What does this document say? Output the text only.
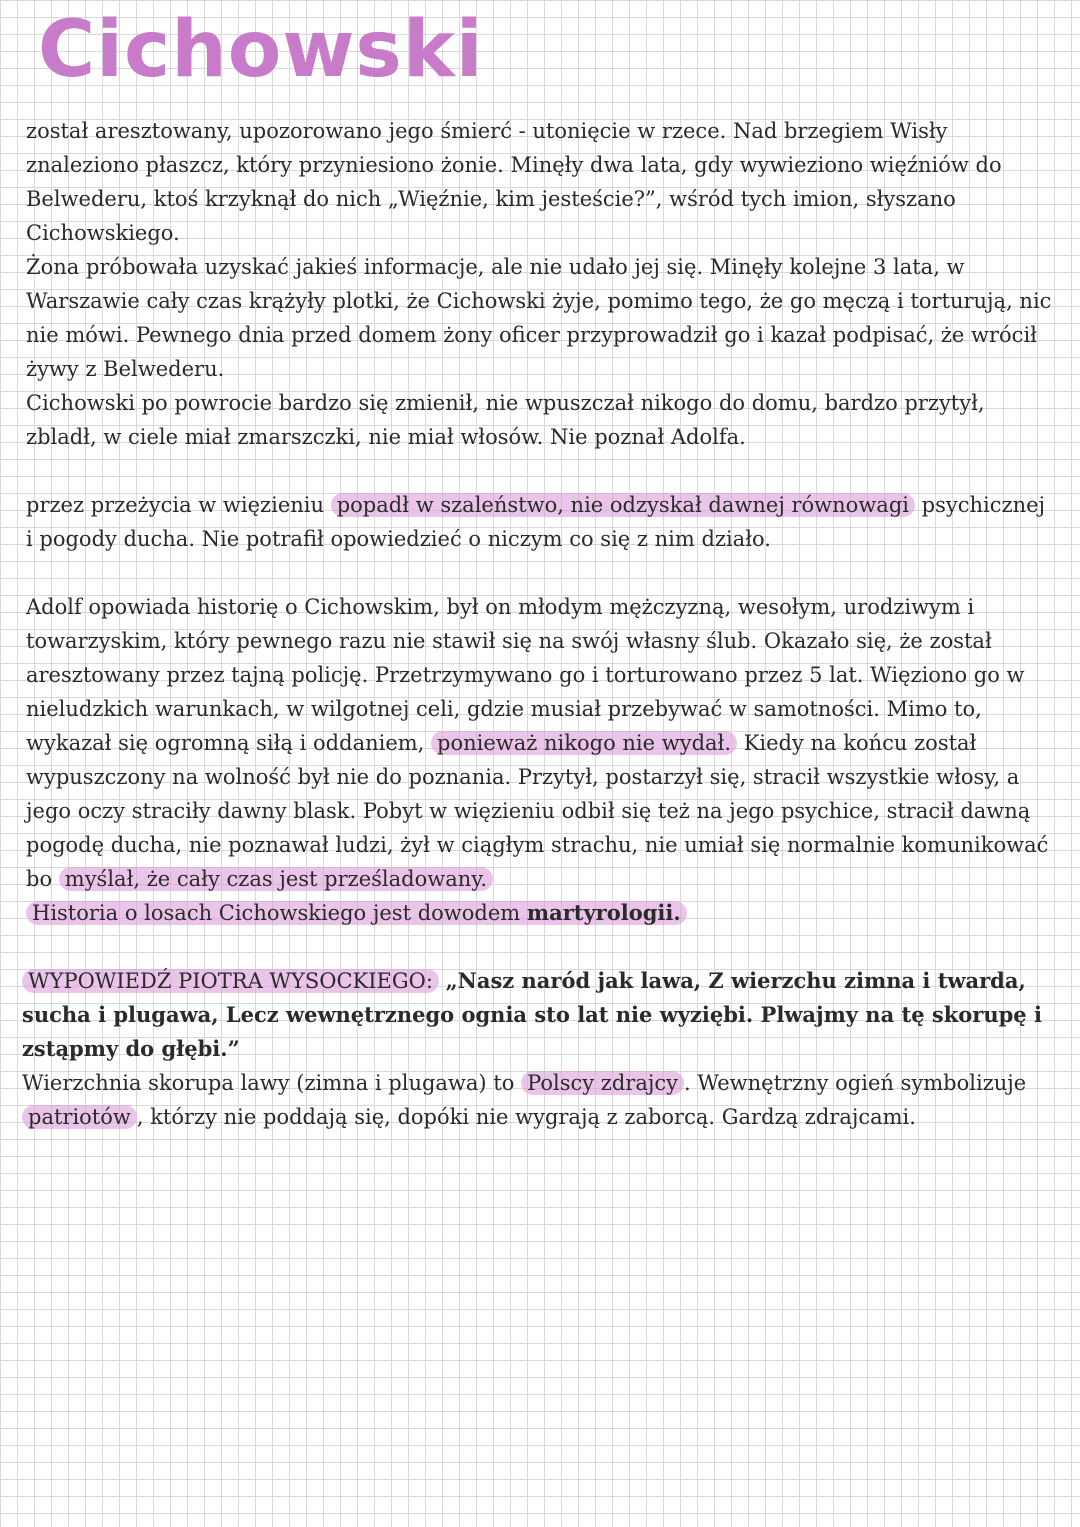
Cichowski

został aresztowany, upozorowano jego śmierć - utonięcie w rzece. Nad brzegiem Wisły znaleziono płaszcz, który przyniesiono żonie. Minęły dwa lata, gdy wywieziono więźniów do Belwederu, ktoś krzyknął do nich „Więźnie, kim jesteście?”, wśród tych imion, słyszano Cichowskiego.

Żona próbowała uzyskać jakieś informacje, ale nie udało jej się. Minęły kolejne 3 lata, w Warszawie cały czas krążyły plotki, że Cichowski żyje, pomimo tego, że go męczą i torturują, nic nie mówi. Pewnego dnia przed domem żony oficer przyprowadził go i kazał podpisać, że wrócił żywy z Belwederu.

Cichowski po powrocie bardzo się zmienił, nie wpuszczał nikogo do domu, bardzo przytył, zbladł, w ciele miał zmarszczki, nie miał włosów. Nie poznał Adolfa.

przez przeżycia w więzieniu popadł w szaleństwo, nie odzyskał dawnej równowagi psychicznej i pogody ducha. Nie potrafił opowiedzieć o niczym co się z nim działo.

Adolf opowiada historię o Cichowskim, był on młodym mężczyzną, wesołym, urodziwym i towarzyskim, który pewnego razu nie stawił się na swój własny ślub. Okazało się, że został aresztowany przez tajną policję. Przetrzymywano go i torturowano przez 5 lat. Więziono go w nieludzkich warunkach, w wilgotnej celi, gdzie musiał przebywać w samotności. Mimo to, wykazał się ogromną siłą i oddaniem, ponieważ nikogo nie wydał. Kiedy na końcu został wypuszczony na wolność był nie do poznania. Przytył, postarzył się, stracił wszystkie włosy, a jego oczy straciły dawny blask. Pobyt w więzieniu odbił się też na jego psychice, stracił dawną pogodę ducha, nie poznawał ludzi, żył w ciągłym strachu, nie umiał się normalnie komunikować bo myślał, że cały czas jest prześladowany.

Historia o losach Cichowskiego jest dowodem martyrologii.

WYPOWIEDŹ PIOTRA WYSOCKIEGO: „Nasz naród jak lawa, Z wierzchu zimna i twarda, sucha i plugawa, Lecz wewnętrznego ognia sto lat nie wyziębi. Plwajmy na tę skorupę i zstąpmy do głębi.”

Wierzchnia skorupa lawy (zimna i plugawa) to Polscy zdrajcy . Wewnętrzny ogień symbolizuje patriotów , którzy nie poddają się, dopóki nie wygrają z zaborcą. Gardzą zdrajcami.
